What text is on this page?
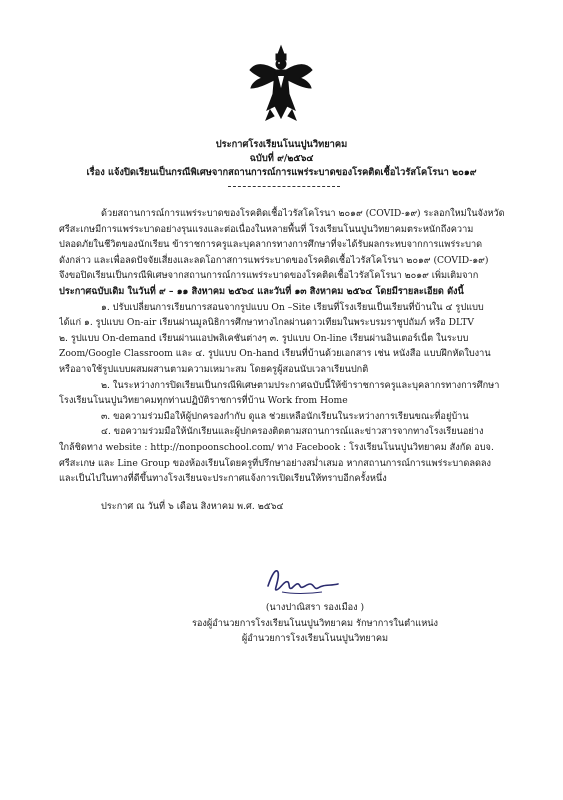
ประกาศโรงเรียนโนนปูนวิทยาคม
ฉบับที่ ๙/๒๕๖๔
เรื่อง แจ้งปิดเรียนเป็นกรณีพิเศษจากสถานการณ์การแพร่ระบาดของโรคติดเชื้อไวรัสโคโรนา ๒๐๑๙
ด้วยสถานการณ์การแพร่ระบาดของโรคติดเชื้อไวรัสโคโรนา ๒๐๑๙ (COVID-๑๙) ระลอกใหม่ในจังหวัด
ศรีสะเกษมีการแพร่ระบาดอย่างรุนแรงและต่อเนื่องในหลายพื้นที่ โรงเรียนโนนปูนวิทยาคมตระหนักถึงความ
ปลอดภัยในชีวิตของนักเรียน ข้าราชการครูและบุคลากรทางการศึกษาที่จะได้รับผลกระทบจากการแพร่ระบาด
ดังกล่าว และเพื่อลดปัจจัยเสี่ยงและลดโอกาสการแพร่ระบาดของโรคติดเชื้อไวรัสโคโรนา ๒๐๑๙ (COVID-๑๙)
จึงขอปิดเรียนเป็นกรณีพิเศษจากสถานการณ์การแพร่ระบาดของโรคติดเชื้อไวรัสโคโรนา ๒๐๑๙ เพิ่มเติมจาก
ประกาศฉบับเดิม ในวันที่ ๙ – ๑๑ สิงหาคม ๒๕๖๔ และวันที่ ๑๓ สิงหาคม ๒๕๖๔ โดยมีรายละเอียด ดังนี้
๑. ปรับเปลี่ยนการเรียนการสอนจากรูปแบบ On –Site เรียนที่โรงเรียนเป็นเรียนที่บ้านใน ๔ รูปแบบ
ได้แก่ ๑. รูปแบบ On-air เรียนผ่านมูลนิธิการศึกษาทางไกลผ่านดาวเทียมในพระบรมราชูปถัมภ์ หรือ DLTV
๒. รูปแบบ On-demand เรียนผ่านแอปพลิเคชันต่างๆ ๓. รูปแบบ On-line เรียนผ่านอินเตอร์เน็ต ในระบบ
Zoom/Google Classroom และ ๔. รูปแบบ On-hand เรียนที่บ้านด้วยเอกสาร เช่น หนังสือ แบบฝึกหัดใบงาน
หรืออาจใช้รูปแบบผสมผสานตามความเหมาะสม โดยครูผู้สอนนับเวลาเรียนปกติ
๒. ในระหว่างการปิดเรียนเป็นกรณีพิเศษตามประกาศฉบับนี้ให้ข้าราชการครูและบุคลากรทางการศึกษา
โรงเรียนโนนปูนวิทยาคมทุกท่านปฏิบัติราชการที่บ้าน Work from Home
๓. ขอความร่วมมือให้ผู้ปกครองกำกับ ดูแล ช่วยเหลือนักเรียนในระหว่างการเรียนขณะที่อยู่บ้าน
๔. ขอความร่วมมือให้นักเรียนและผู้ปกครองติดตามสถานการณ์และข่าวสารจากทางโรงเรียนอย่าง
ใกล้ชิดทาง website : http://nonpoonschool.com/ ทาง Facebook : โรงเรียนโนนปูนวิทยาคม สังกัด อบจ.
ศรีสะเกษ และ Line Group ของห้องเรียนโดยครูที่ปรึกษาอย่างสม่ำเสมอ หากสถานการณ์การแพร่ระบาดลดลง
และเป็นไปในทางที่ดีขึ้นทางโรงเรียนจะประกาศแจ้งการเปิดเรียนให้ทราบอีกครั้งหนึ่ง
ประกาศ ณ วันที่ ๖ เดือน สิงหาคม พ.ศ. ๒๕๖๔
(นางปาณิสรา รองเมือง )
รองผู้อำนวยการโรงเรียนโนนปูนวิทยาคม รักษาการในตำแหน่ง
ผู้อำนวยการโรงเรียนโนนปูนวิทยาคม
